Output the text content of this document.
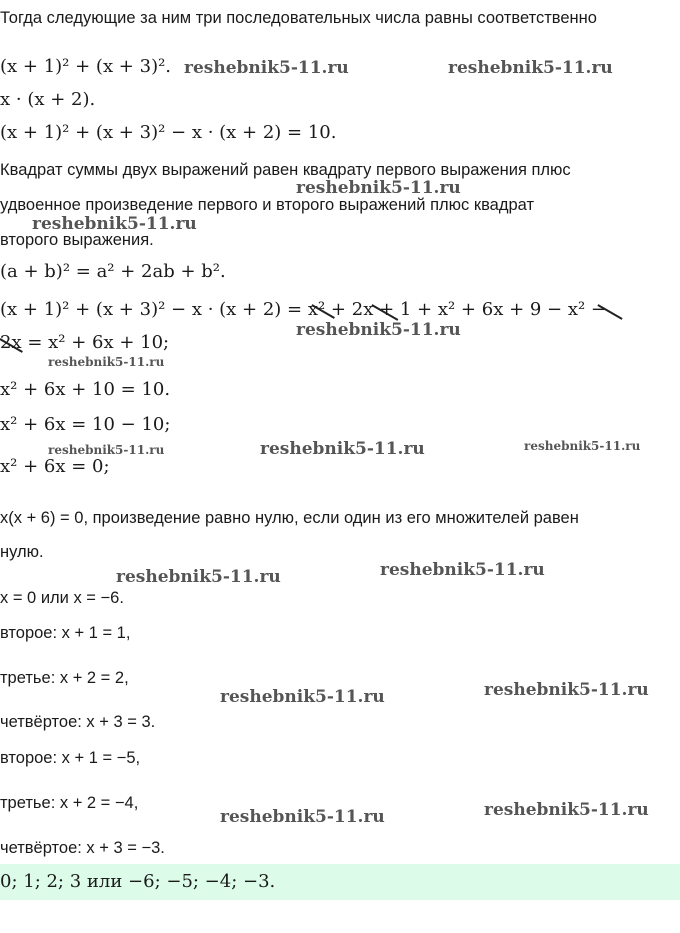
Тогда следующие за ним три последовательных числа равны соответственно
(x + 1)² + (x + 3)².
x · (x + 2).
(x + 1)² + (x + 3)² − x · (x + 2) = 10.
Квадрат суммы двух выражений равен квадрату первого выражения плюс
удвоенное произведение первого и второго выражений плюс квадрат
второго выражения.
(a + b)² = a² + 2ab + b².
(x + 1)² + (x + 3)² − x · (x + 2) = x² + 2x + 1 + x² + 6x + 9 − x² −
2x = x² + 6x + 10;
x² + 6x + 10 = 10.
x² + 6x = 10 − 10;
x² + 6x = 0;
x(x + 6) = 0, произведение равно нулю, если один из его множителей равен
нулю.
x = 0 или x = −6.
второе: x + 1 = 1,
третье: x + 2 = 2,
четвёртое: x + 3 = 3.
второе: x + 1 = −5,
третье: x + 2 = −4,
четвёртое: x + 3 = −3.
0; 1; 2; 3 или −6; −5; −4; −3.
reshebnik5-11.ru	reshebnik5-11.ru
reshebnik5-11.ru
reshebnik5-11.ru
reshebnik5-11.ru
reshebnik5-11.ru
reshebnik5-11.ru	reshebnik5-11.ru	reshebnik5-11.ru
reshebnik5-11.ru	reshebnik5-11.ru
reshebnik5-11.ru	reshebnik5-11.ru
reshebnik5-11.ru	reshebnik5-11.ru
